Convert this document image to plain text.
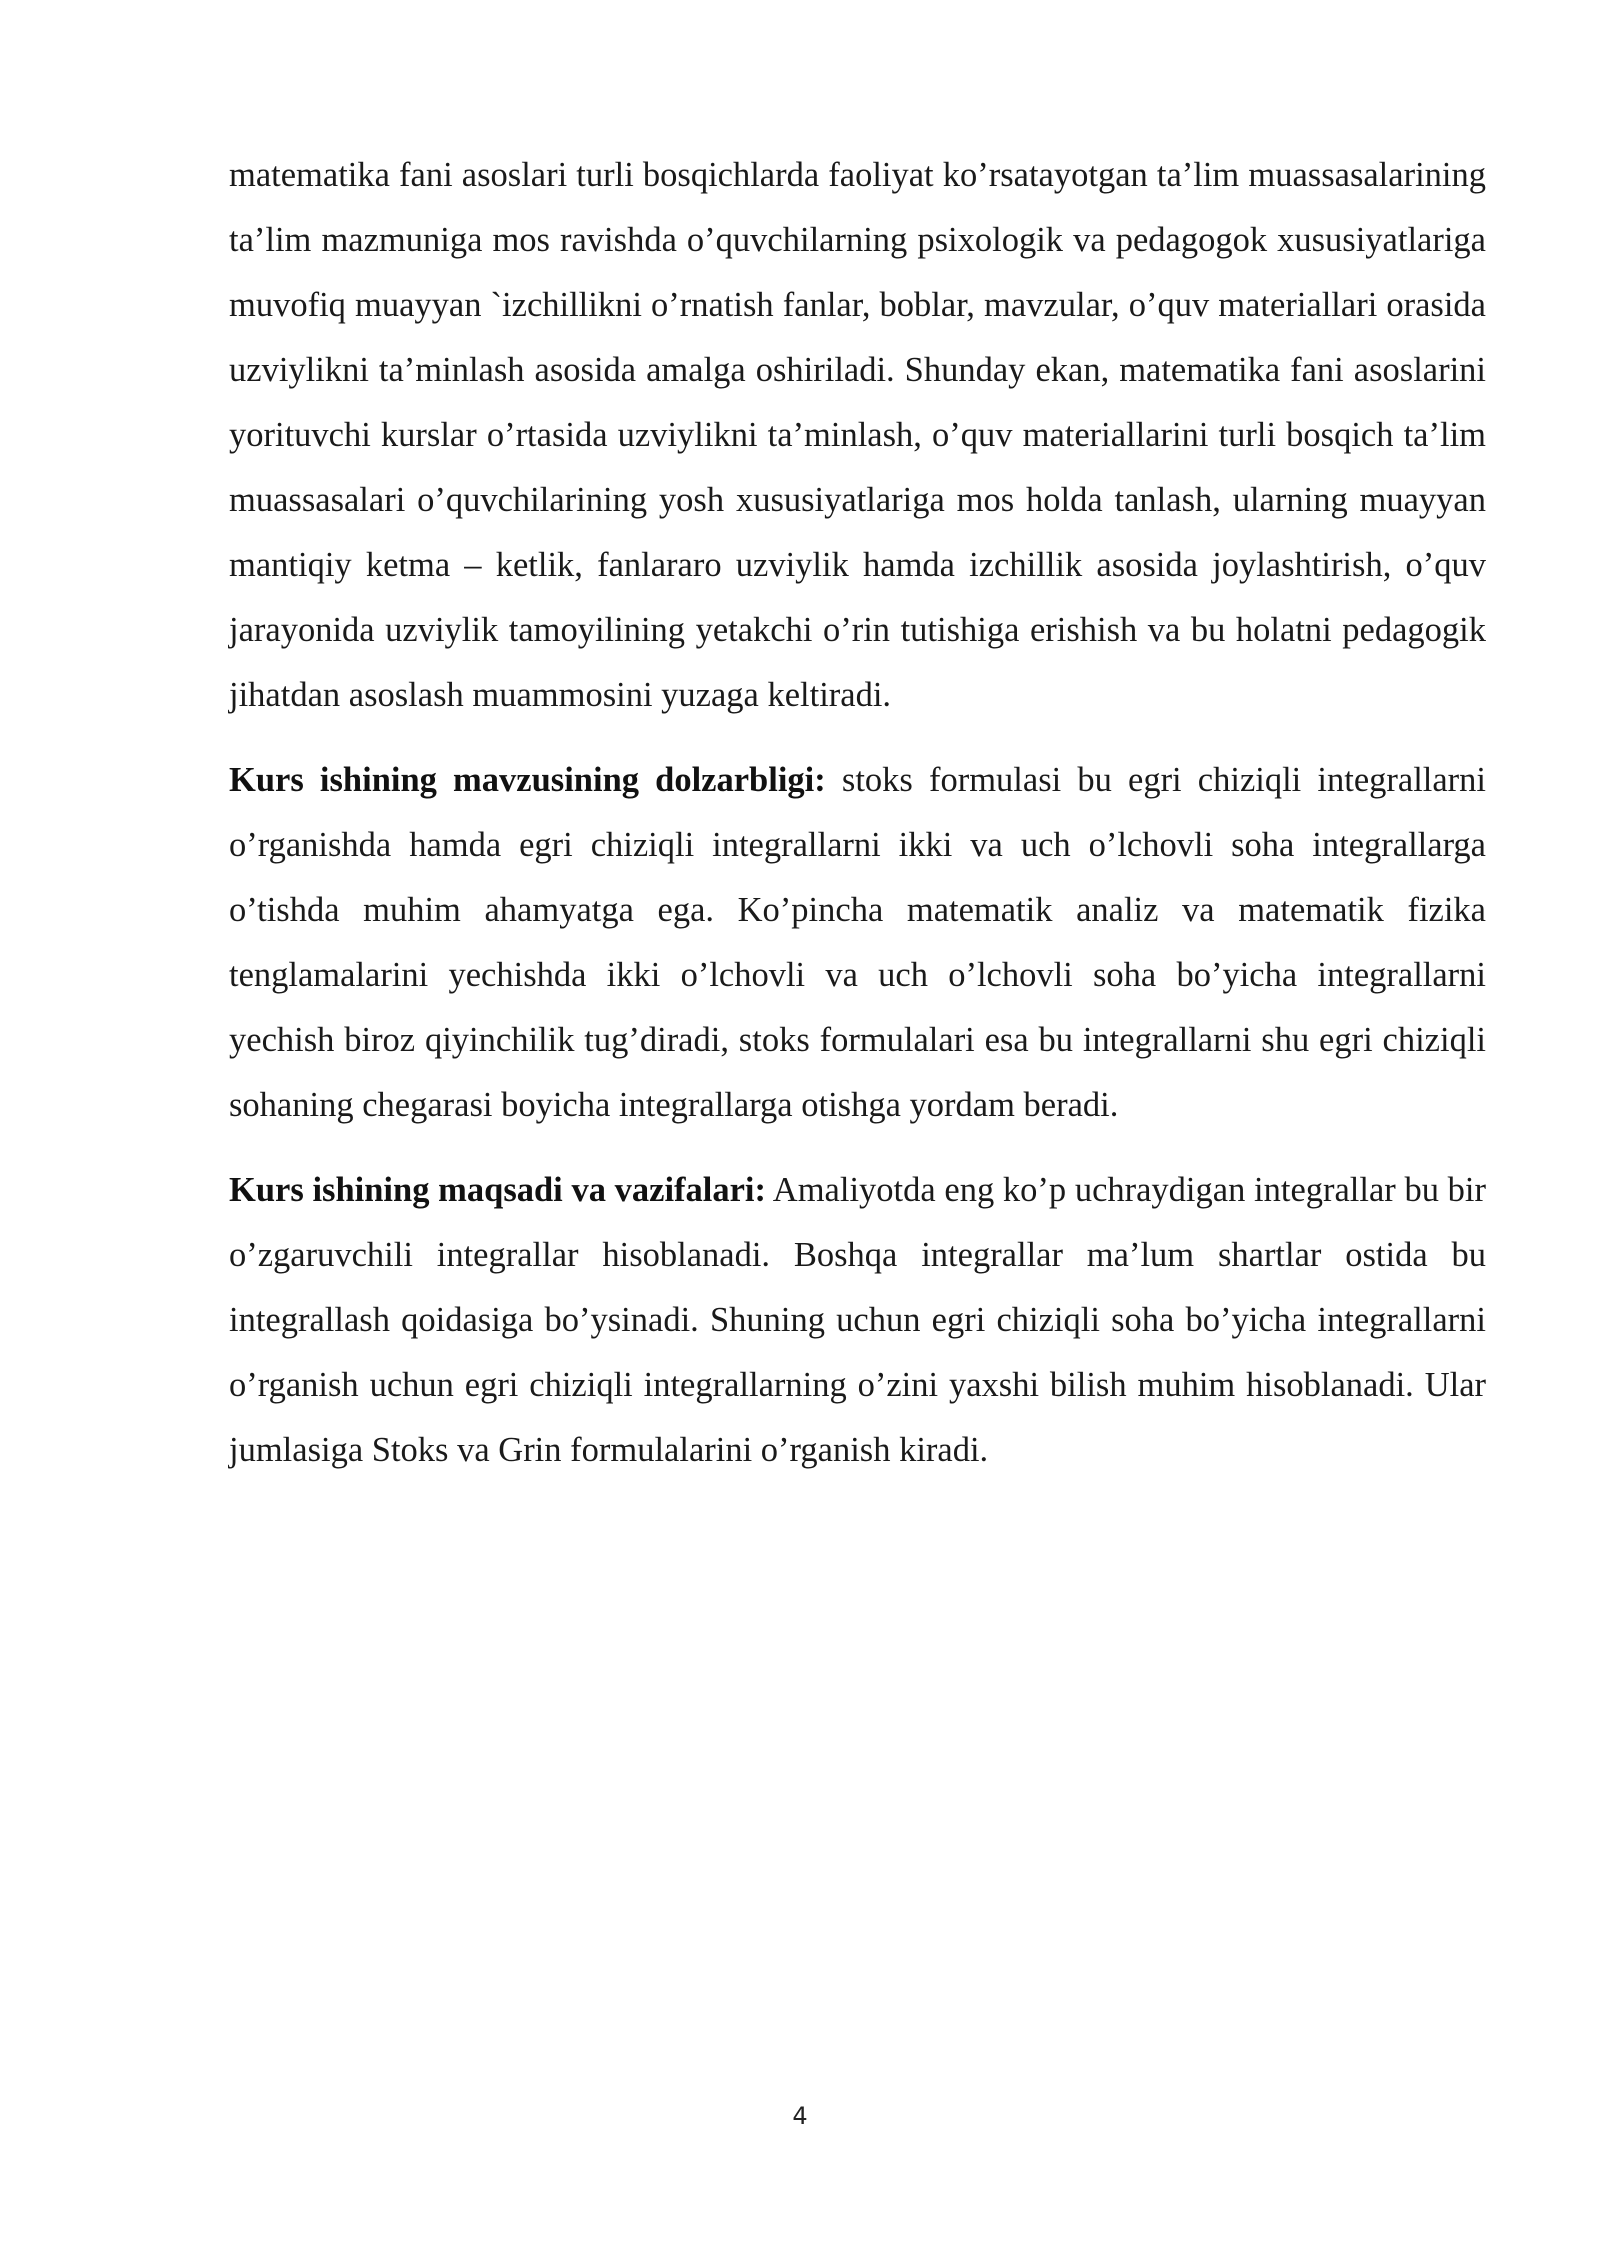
matematika fani asoslari turli bosqichlarda faoliyat ko’rsatayotgan ta’lim muassasalarining ta’lim mazmuniga mos ravishda o’quvchilarning psixologik va pedagogok xususiyatlariga muvofiq muayyan `izchillikni o’rnatish fanlar, boblar, mavzular, o’quv materiallari orasida uzviylikni ta’minlash asosida amalga oshiriladi. Shunday ekan, matematika fani asoslarini yorituvchi kurslar o’rtasida uzviylikni ta’minlash, o’quv materiallarini turli bosqich ta’lim muassasalari o’quvchilarining yosh xususiyatlariga mos holda tanlash, ularning muayyan mantiqiy ketma – ketlik, fanlararo uzviylik hamda izchillik asosida joylashtirish, o’quv jarayonida uzviylik tamoyilining yetakchi o’rin tutishiga erishish va bu holatni pedagogik jihatdan asoslash muammosini yuzaga keltiradi.

Kurs ishining mavzusining dolzarbligi: stoks formulasi bu egri chiziqli integrallarni o’rganishda hamda egri chiziqli integrallarni ikki va uch o’lchovli soha integrallarga o’tishda muhim ahamyatga ega. Ko’pincha matematik analiz va matematik fizika tenglamalarini yechishda ikki o’lchovli va uch o’lchovli soha bo’yicha integrallarni yechish biroz qiyinchilik tug’diradi, stoks formulalari esa bu integrallarni shu egri chiziqli sohaning chegarasi boyicha integrallarga otishga yordam beradi.

Kurs ishining maqsadi va vazifalari: Amaliyotda eng ko’p uchraydigan integrallar bu bir o’zgaruvchili integrallar hisoblanadi. Boshqa integrallar ma’lum shartlar ostida bu integrallash qoidasiga bo’ysinadi. Shuning uchun egri chiziqli soha bo’yicha integrallarni o’rganish uchun egri chiziqli integrallarning o’zini yaxshi bilish muhim hisoblanadi. Ular jumlasiga Stoks va Grin formulalarini o’rganish kiradi.

4
